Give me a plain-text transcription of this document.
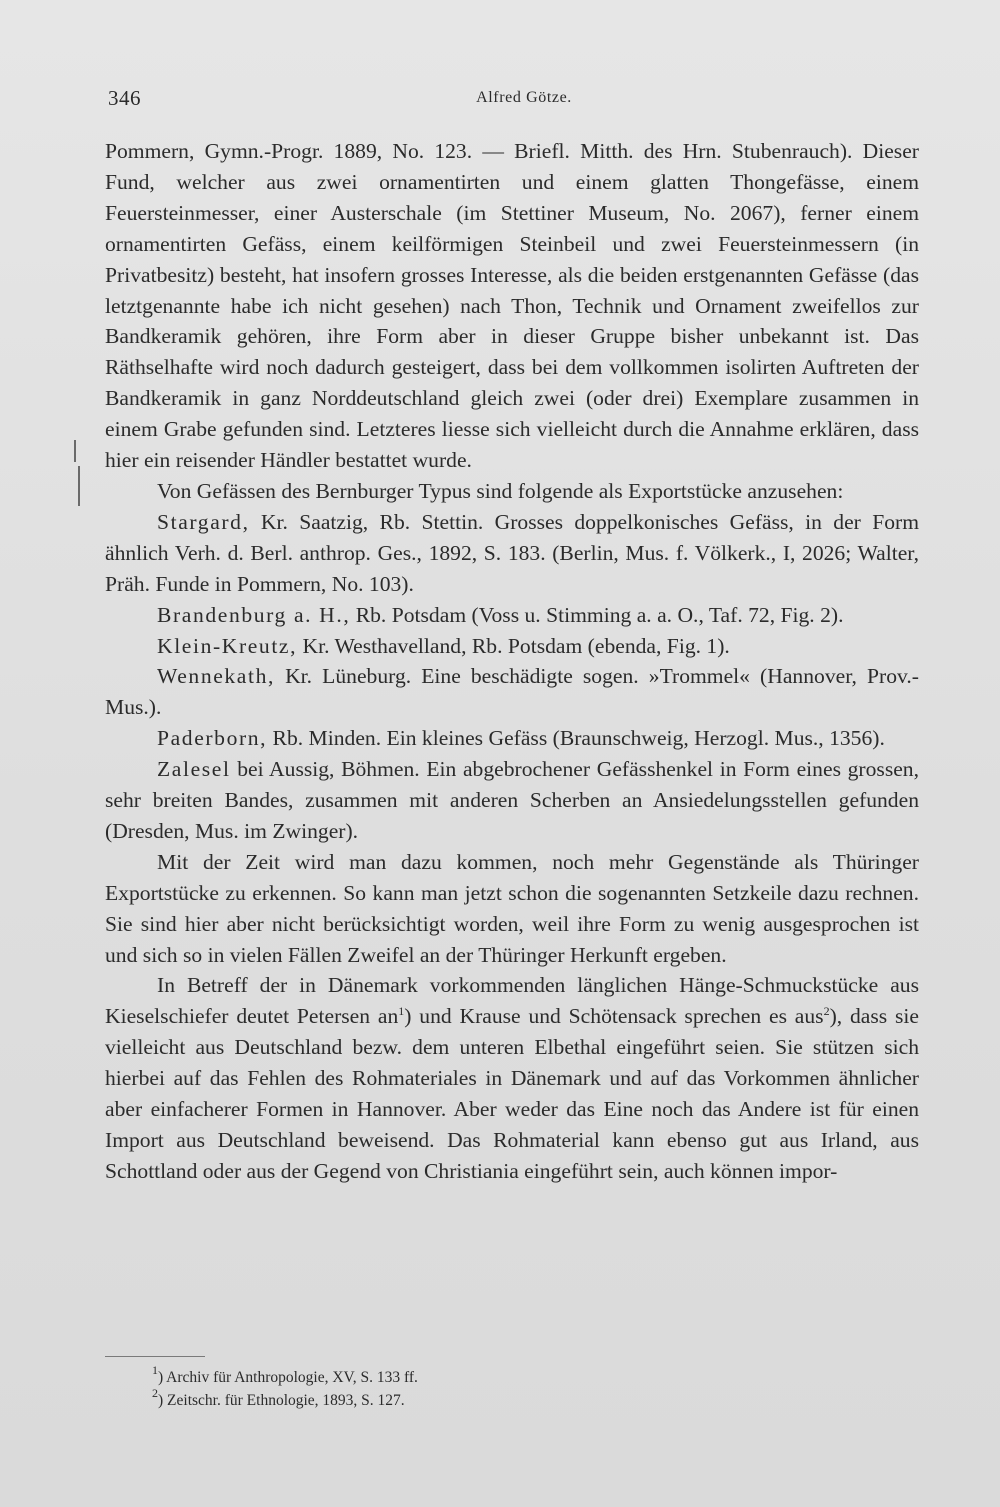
346	Alfred Götze.

Pommern, Gymn.-Progr. 1889, No. 123. — Briefl. Mitth. des Hrn. Stubenrauch). Dieser Fund, welcher aus zwei ornamentirten und einem glatten Thongefässe, einem Feuersteinmesser, einer Austerschale (im Stettiner Museum, No. 2067), ferner einem ornamentirten Gefäss, einem keilförmigen Steinbeil und zwei Feuersteinmessern (in Privatbesitz) besteht, hat insofern grosses Interesse, als die beiden erstgenannten Gefässe (das letztgenannte habe ich nicht gesehen) nach Thon, Technik und Ornament zweifellos zur Bandkeramik gehören, ihre Form aber in dieser Gruppe bisher unbekannt ist. Das Räthselhafte wird noch dadurch gesteigert, dass bei dem vollkommen isolirten Auftreten der Bandkeramik in ganz Norddeutschland gleich zwei (oder drei) Exemplare zusammen in einem Grabe gefunden sind. Letzteres liesse sich vielleicht durch die Annahme erklären, dass hier ein reisender Händler bestattet wurde.

Von Gefässen des Bernburger Typus sind folgende als Exportstücke anzusehen:

Stargard, Kr. Saatzig, Rb. Stettin. Grosses doppelkonisches Gefäss, in der Form ähnlich Verh. d. Berl. anthrop. Ges., 1892, S. 183. (Berlin, Mus. f. Völkerk., I, 2026; Walter, Präh. Funde in Pommern, No. 103).

Brandenburg a. H., Rb. Potsdam (Voss u. Stimming a. a. O., Taf. 72, Fig. 2).

Klein-Kreutz, Kr. Westhavelland, Rb. Potsdam (ebenda, Fig. 1).

Wennekath, Kr. Lüneburg. Eine beschädigte sogen. »Trommel« (Hannover, Prov.-Mus.).

Paderborn, Rb. Minden. Ein kleines Gefäss (Braunschweig, Herzogl. Mus., 1356).

Zalesel bei Aussig, Böhmen. Ein abgebrochener Gefässhenkel in Form eines grossen, sehr breiten Bandes, zusammen mit anderen Scherben an Ansiedelungsstellen gefunden (Dresden, Mus. im Zwinger).

Mit der Zeit wird man dazu kommen, noch mehr Gegenstände als Thüringer Exportstücke zu erkennen. So kann man jetzt schon die sogenannten Setzkeile dazu rechnen. Sie sind hier aber nicht berücksichtigt worden, weil ihre Form zu wenig ausgesprochen ist und sich so in vielen Fällen Zweifel an der Thüringer Herkunft ergeben.

In Betreff der in Dänemark vorkommenden länglichen Hänge-Schmuckstücke aus Kieselschiefer deutet Petersen $an^1$) und Krause und Schötensack sprechen es aus$^2$), dass sie vielleicht aus Deutschland bezw. dem unteren Elbethal eingeführt seien. Sie stützen sich hierbei auf das Fehlen des Rohmateriales in Dänemark und auf das Vorkommen ähnlicher aber einfacherer Formen in Hannover. Aber weder das Eine noch das Andere ist für einen Import aus Deutschland beweisend. Das Rohmaterial kann ebenso gut aus Irland, aus Schottland oder aus der Gegend von Christiania eingeführt sein, auch können impor-

$^1$) Archiv für Anthropologie, XV, S. 133 ff.
$^2$) Zeitschr. für Ethnologie, 1893, S. 127.
